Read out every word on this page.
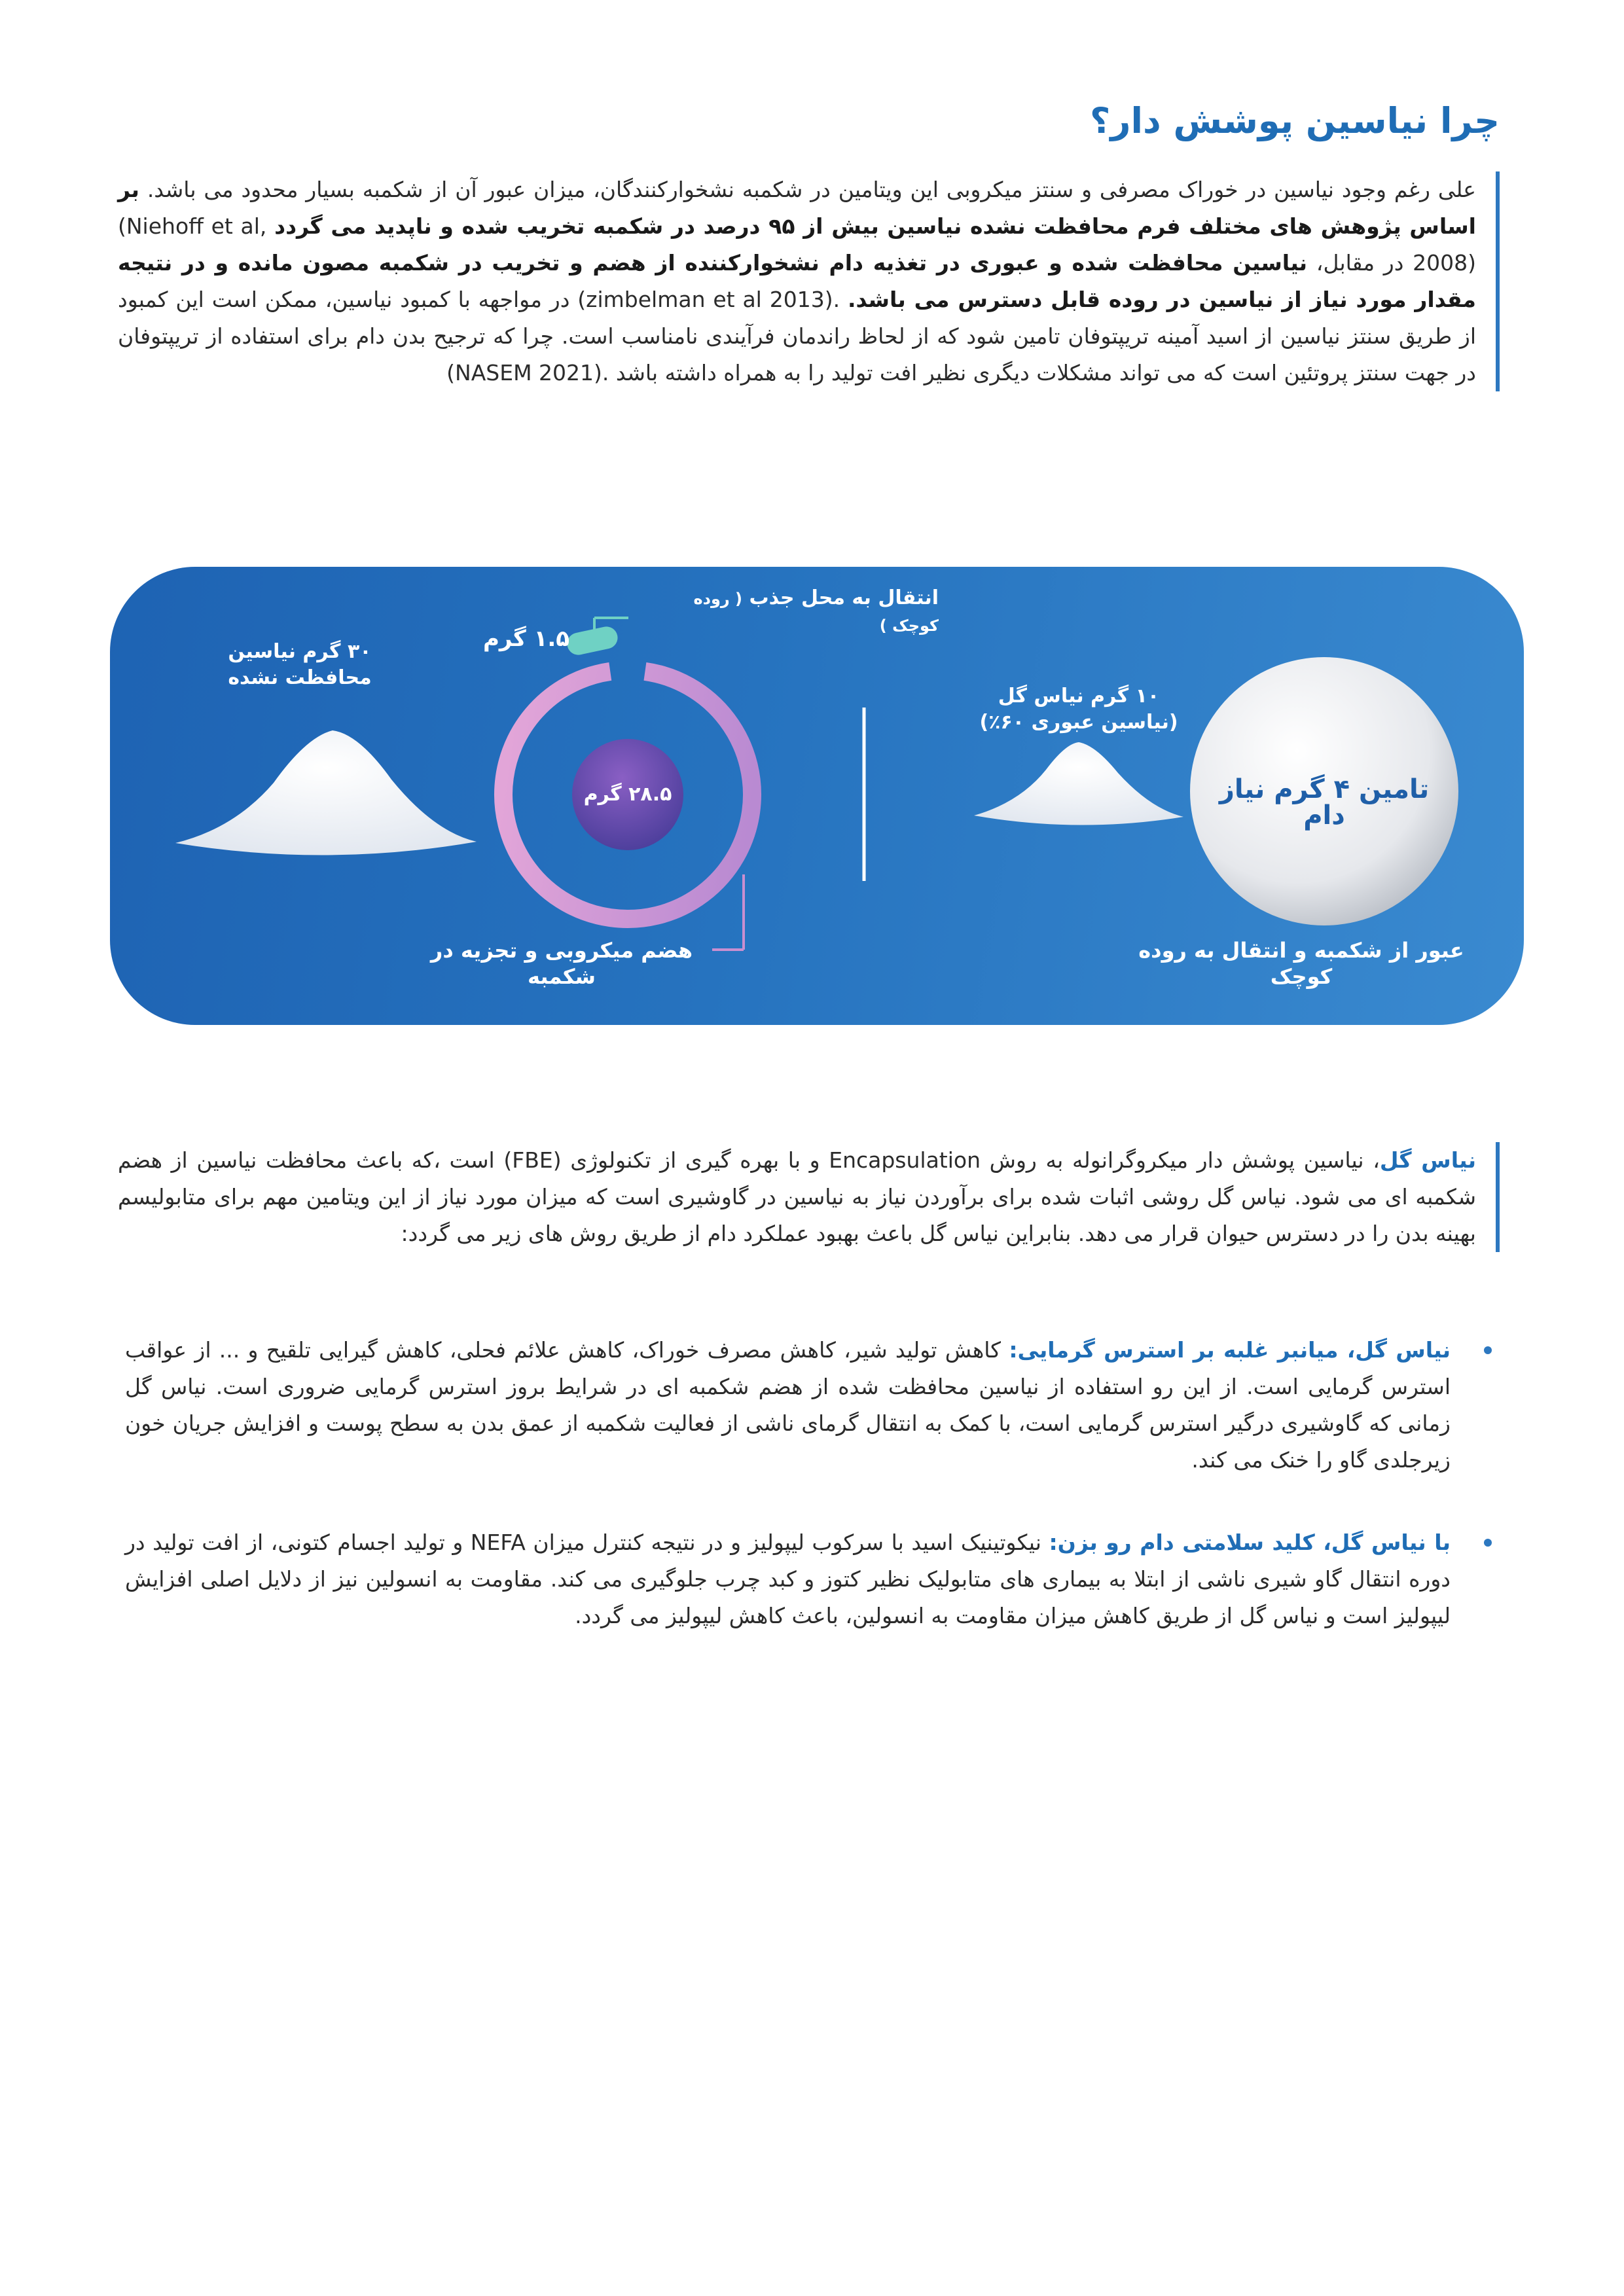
چرا نیاسین پوشش دار؟

علی رغم وجود نیاسین در خوراک مصرفی و سنتز میکروبی این ویتامین در شکمبه نشخوارکنندگان، میزان عبور آن از شکمبه بسیار محدود می باشد. بر اساس پژوهش های مختلف فرم محافظت نشده نیاسین بیش از ۹۵ درصد در شکمبه تخریب شده و ناپدید می گردد (Niehoff et al, 2008) در مقابل، نیاسین محافظت شده و عبوری در تغذیه دام نشخوارکننده از هضم و تخریب در شکمبه مصون مانده و در نتیجه مقدار مورد نیاز از نیاسین در روده قابل دسترس می باشد. (zimbelman et al 2013). در مواجهه با کمبود نیاسین، ممکن است این کمبود از طریق سنتز نیاسین از اسید آمینه تریپتوفان تامین شود که از لحاظ راندمان فرآیندی نامناسب است. چرا که ترجیح بدن دام برای استفاده از تریپتوفان در جهت سنتز پروتئین است که می تواند مشکلات دیگری نظیر افت تولید را به همراه داشته باشد (NASEM 2021).

۳۰ گرم نیاسین
محافظت نشده
انتقال به محل جذب ( روده کوچک )
۱.۵ گرم
۲۸.۵ گرم
هضم میکروبی و تجزیه در شکمبه
۱۰ گرم نیاس گل
(نیاسین عبوری ۶۰٪)
تامین ۴ گرم نیاز دام
عبور از شکمبه و انتقال به روده کوچک

نیاس گل، نیاسین پوشش دار میکروگرانوله به روش Encapsulation و با بهره گیری از تکنولوژی (FBE) است ،که باعث محافظت نیاسین از هضم شکمبه ای می شود. نیاس گل روشی اثبات شده برای برآوردن نیاز به نیاسین در گاوشیری است که میزان مورد نیاز از این ویتامین مهم برای متابولیسم بهینه بدن را در دسترس حیوان قرار می دهد. بنابراین نیاس گل باعث بهبود عملکرد دام از طریق روش های زیر می گردد:

نیاس گل، میانبر غلبه بر استرس گرمایی: کاهش تولید شیر، کاهش مصرف خوراک، کاهش علائم فحلی، کاهش گیرایی تلقیح و ... از عواقب استرس گرمایی است. از این رو استفاده از نیاسین محافظت شده از هضم شکمبه ای در شرایط بروز استرس گرمایی ضروری است. نیاس گل زمانی که گاوشیری درگیر استرس گرمایی است، با کمک به انتقال گرمای ناشی از فعالیت شکمبه از عمق بدن به سطح پوست و افزایش جریان خون زیرجلدی گاو را خنک می کند.
با نیاس گل، کلید سلامتی دام رو بزن: نیکوتینیک اسید با سرکوب لیپولیز و در نتیجه کنترل میزان NEFA و تولید اجسام کتونی، از افت تولید در دوره انتقال گاو شیری ناشی از ابتلا به بیماری های متابولیک نظیر کتوز و کبد چرب جلوگیری می کند. مقاومت به انسولین نیز از دلایل اصلی افزایش لیپولیز است و نیاس گل از طریق کاهش میزان مقاومت به انسولین، باعث کاهش لیپولیز می گردد.
